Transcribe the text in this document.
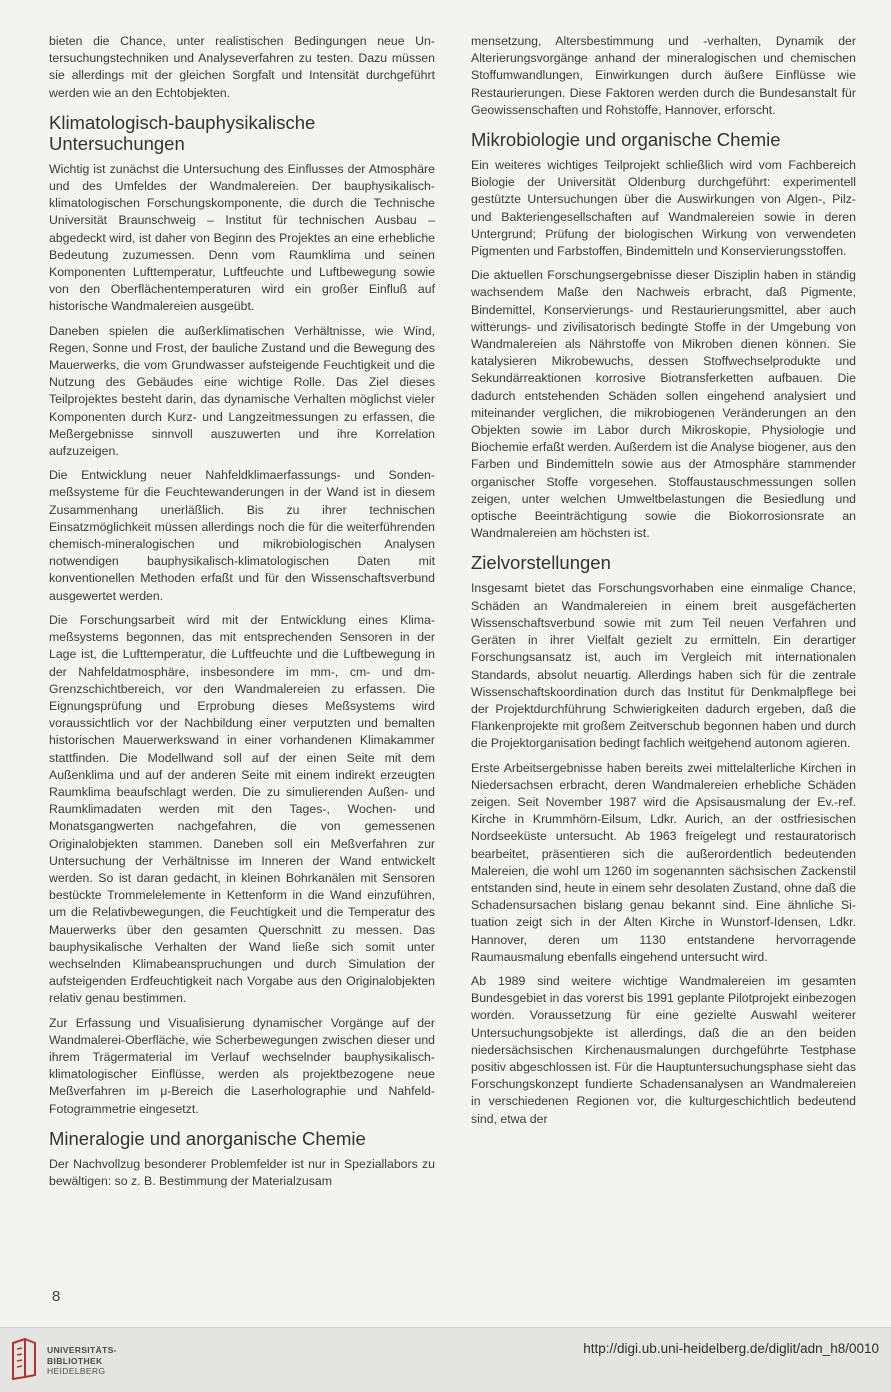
bieten die Chance, unter realistischen Bedingungen neue Untersuchungstechniken und Analyseverfahren zu testen. Dazu müssen sie allerdings mit der gleichen Sorgfalt und Intensität durchgeführt werden wie an den Echtobjekten.

Klimatologisch-bauphysikalische Untersuchungen

Wichtig ist zunächst die Untersuchung des Einflusses der Atmosphäre und des Umfeldes der Wandmalereien. Der bauphysikalisch-klimatologischen Forschungskomponente, die durch die Technische Universität Braunschweig – Institut für technischen Ausbau – abgedeckt wird, ist daher von Beginn des Projektes an eine erhebliche Bedeutung zuzumessen. Denn vom Raumklima und seinen Komponenten Lufttemperatur, Luftfeuchte und Luftbewegung sowie von den Oberflächentemperaturen wird ein großer Einfluß auf historische Wandmalereien ausgeübt.

Daneben spielen die außerklimatischen Verhältnisse, wie Wind, Regen, Sonne und Frost, der bauliche Zustand und die Bewegung des Mauerwerks, die vom Grundwasser aufsteigende Feuchtigkeit und die Nutzung des Gebäudes eine wichtige Rolle. Das Ziel dieses Teilprojektes besteht darin, das dynamische Verhalten möglichst vieler Komponenten durch Kurz- und Langzeitmessungen zu erfassen, die Meßergebnisse sinnvoll auszuwerten und ihre Korrelation aufzuzeigen.

Die Entwicklung neuer Nahfeldklimaerfassungs- und Sondenmeßsysteme für die Feuchtewanderungen in der Wand ist in diesem Zusammenhang unerläßlich. Bis zu ihrer technischen Einsatzmöglichkeit müssen allerdings noch die für die weiterführenden chemisch-mineralogischen und mikrobiologischen Analysen notwendigen bauphysikalisch-klimatologischen Daten mit konventionellen Methoden erfaßt und für den Wissenschaftsverbund ausgewertet werden.

Die Forschungsarbeit wird mit der Entwicklung eines Klimameßsystems begonnen, das mit entsprechenden Sensoren in der Lage ist, die Lufttemperatur, die Luftfeuchte und die Luftbewegung in der Nahfeldatmosphäre, insbesondere im mm-, cm- und dm-Grenzschichtbereich, vor den Wandmalereien zu erfassen. Die Eignungsprüfung und Erprobung dieses Meßsystems wird voraussichtlich vor der Nachbildung einer verputzten und bemalten historischen Mauerwerkswand in einer vorhandenen Klimakammer stattfinden. Die Modellwand soll auf der einen Seite mit dem Außenklima und auf der anderen Seite mit einem indirekt erzeugten Raumklima beaufschlagt werden. Die zu simulierenden Außen- und Raumklimadaten werden mit den Tages-, Wochen- und Monatsgangwerten nachgefahren, die von gemessenen Originalobjekten stammen. Daneben soll ein Meßverfahren zur Untersuchung der Verhältnisse im Inneren der Wand entwickelt werden. So ist daran gedacht, in kleinen Bohrkanälen mit Sensoren bestückte Trommelelemente in Kettenform in die Wand einzuführen, um die Relativbewegungen, die Feuchtigkeit und die Temperatur des Mauerwerks über den gesamten Querschnitt zu messen. Das bauphysikalische Verhalten der Wand ließe sich somit unter wechselnden Klimabeanspruchungen und durch Simulation der aufsteigenden Erdfeuchtigkeit nach Vorgabe aus den Originalobjekten relativ genau bestimmen.

Zur Erfassung und Visualisierung dynamischer Vorgänge auf der Wandmalerei-Oberfläche, wie Scherbewegungen zwischen dieser und ihrem Trägermaterial im Verlauf wechselnder bauphysikalisch-klimatologischer Einflüsse, werden als projektbezogene neue Meßverfahren im μ-Bereich die Laserholographie und Nahfeld-Fotogrammetrie eingesetzt.

Mineralogie und anorganische Chemie

Der Nachvollzug besonderer Problemfelder ist nur in Speziallabors zu bewältigen: so z. B. Bestimmung der Materialzusam

mensetzung, Altersbestimmung und -verhalten, Dynamik der Alterierungsvorgänge anhand der mineralogischen und chemischen Stoffumwandlungen, Einwirkungen durch äußere Einflüsse wie Restaurierungen. Diese Faktoren werden durch die Bundesanstalt für Geowissenschaften und Rohstoffe, Hannover, erforscht.

Mikrobiologie und organische Chemie

Ein weiteres wichtiges Teilprojekt schließlich wird vom Fachbereich Biologie der Universität Oldenburg durchgeführt: experimentell gestützte Untersuchungen über die Auswirkungen von Algen-, Pilz- und Bakteriengesellschaften auf Wandmalereien sowie in deren Untergrund; Prüfung der biologischen Wirkung von verwendeten Pigmenten und Farbstoffen, Bindemitteln und Konservierungsstoffen.

Die aktuellen Forschungsergebnisse dieser Disziplin haben in ständig wachsendem Maße den Nachweis erbracht, daß Pigmente, Bindemittel, Konservierungs- und Restaurierungsmittel, aber auch witterungs- und zivilisatorisch bedingte Stoffe in der Umgebung von Wandmalereien als Nährstoffe von Mikroben dienen können. Sie katalysieren Mikrobewuchs, dessen Stoffwechselprodukte und Sekundärreaktionen korrosive Biotransferketten aufbauen. Die dadurch entstehenden Schäden sollen eingehend analysiert und miteinander verglichen, die mikrobiogenen Veränderungen an den Objekten sowie im Labor durch Mikroskopie, Physiologie und Biochemie erfaßt werden. Außerdem ist die Analyse biogener, aus den Farben und Bindemitteln sowie aus der Atmosphäre stammender organischer Stoffe vorgesehen. Stoffaustauschmessungen sollen zeigen, unter welchen Umweltbelastungen die Besiedlung und optische Beeinträchtigung sowie die Biokorrosionsrate an Wandmalereien am höchsten ist.

Zielvorstellungen

Insgesamt bietet das Forschungsvorhaben eine einmalige Chance, Schäden an Wandmalereien in einem breit ausgefächerten Wissenschaftsverbund sowie mit zum Teil neuen Verfahren und Geräten in ihrer Vielfalt gezielt zu ermitteln. Ein derartiger Forschungsansatz ist, auch im Vergleich mit internationalen Standards, absolut neuartig. Allerdings haben sich für die zentrale Wissenschaftskoordination durch das Institut für Denkmalpflege bei der Projektdurchführung Schwierigkeiten dadurch ergeben, daß die Flankenprojekte mit großem Zeitverschub begonnen haben und durch die Projektorganisation bedingt fachlich weitgehend autonom agieren.

Erste Arbeitsergebnisse haben bereits zwei mittelalterliche Kirchen in Niedersachsen erbracht, deren Wandmalereien erhebliche Schäden zeigen. Seit November 1987 wird die Apsisausmalung der Ev.-ref. Kirche in Krummhörn-Eilsum, Ldkr. Aurich, an der ostfriesischen Nordseeküste untersucht. Ab 1963 freigelegt und restauratorisch bearbeitet, präsentieren sich die außerordentlich bedeutenden Malereien, die wohl um 1260 im sogenannten sächsischen Zackenstil entstanden sind, heute in einem sehr desolaten Zustand, ohne daß die Schadensursachen bislang genau bekannt sind. Eine ähnliche Situation zeigt sich in der Alten Kirche in Wunstorf-Idensen, Ldkr. Hannover, deren um 1130 entstandene hervorragende Raumausmalung ebenfalls eingehend untersucht wird.

Ab 1989 sind weitere wichtige Wandmalereien im gesamten Bundesgebiet in das vorerst bis 1991 geplante Pilotprojekt einbezogen worden. Voraussetzung für eine gezielte Auswahl weiterer Untersuchungsobjekte ist allerdings, daß die an den beiden niedersächsischen Kirchenausmalungen durchgeführte Testphase positiv abgeschlossen ist. Für die Hauptuntersuchungsphase sieht das Forschungskonzept fundierte Schadensanalysen an Wandmalereien in verschiedenen Regionen vor, die kulturgeschichtlich bedeutend sind, etwa der

8
UNIVERSITÄTS-
BIBLIOTHEK
HEIDELBERG
http://digi.ub.uni-heidelberg.de/diglit/adn_h8/0010
